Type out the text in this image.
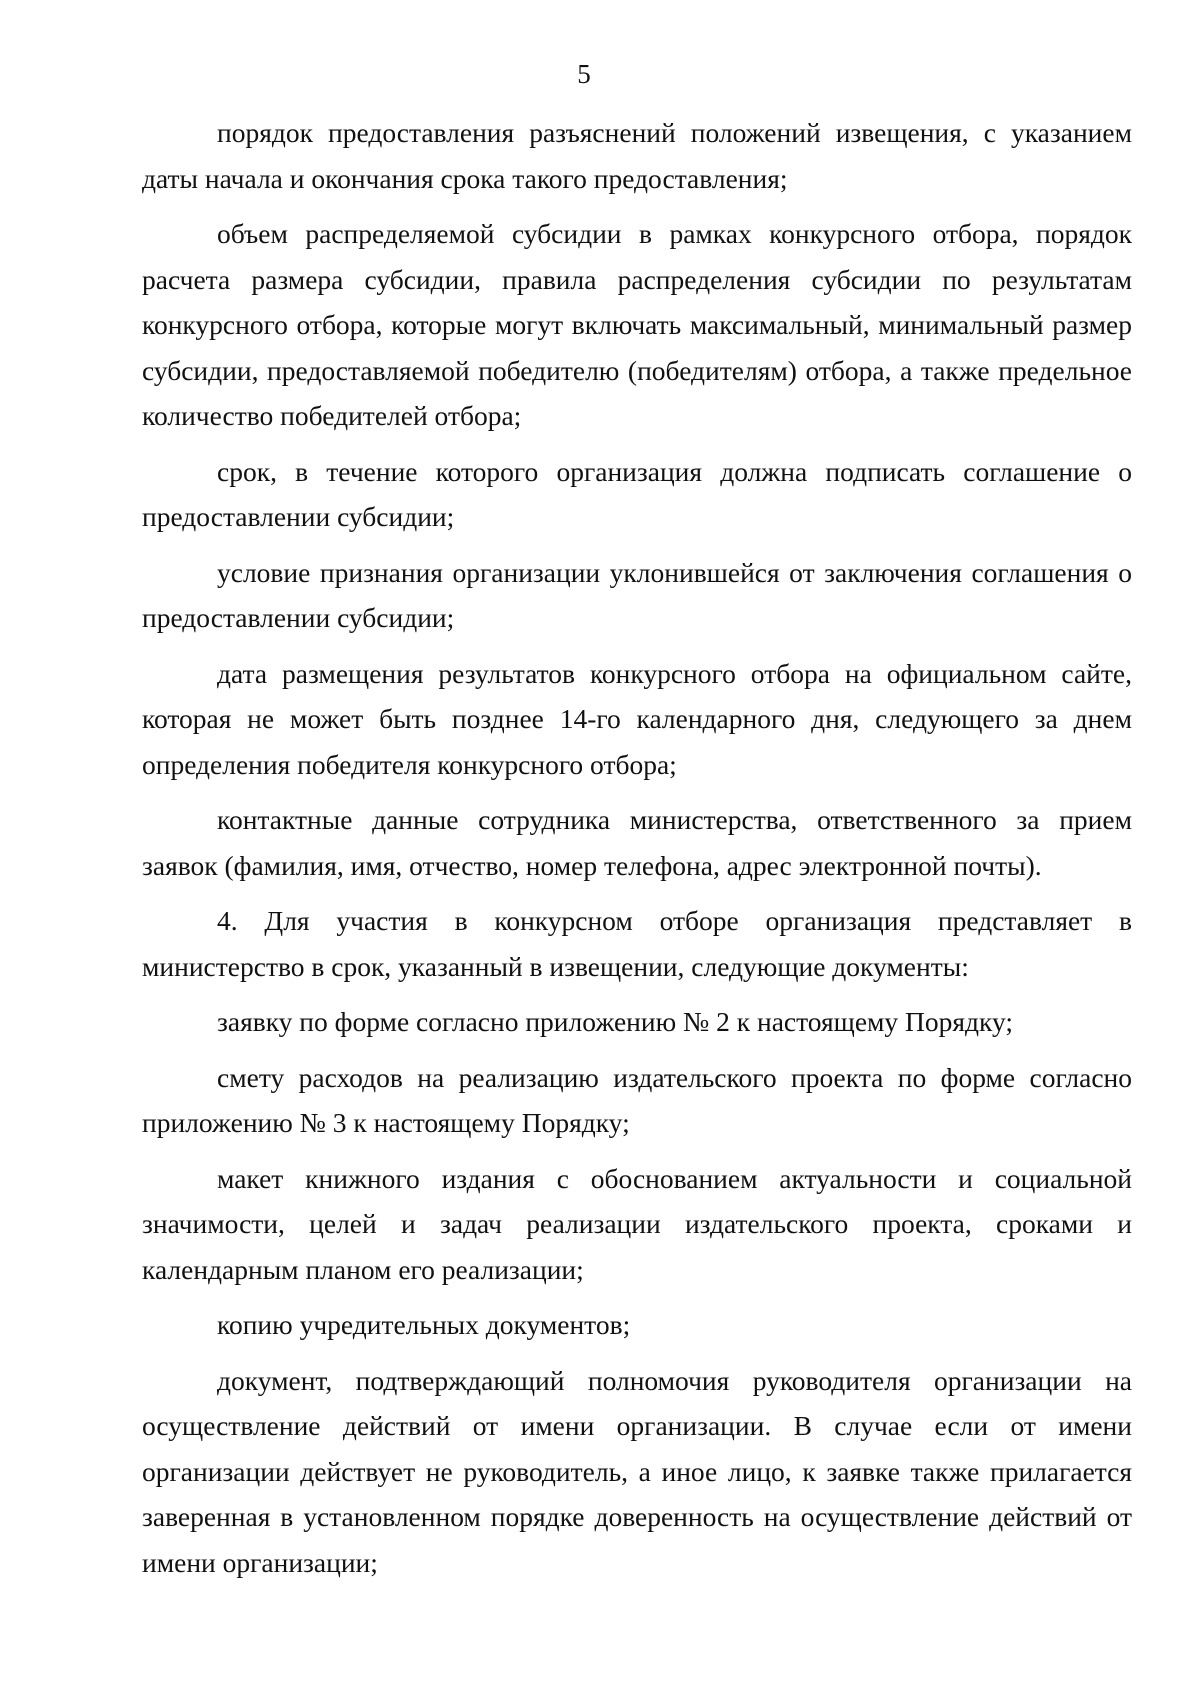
5

порядок предоставления разъяснений положений извещения, с указанием даты начала и окончания срока такого предоставления;

объем распределяемой субсидии в рамках конкурсного отбора, порядок расчета размера субсидии, правила распределения субсидии по результатам конкурсного отбора, которые могут включать максимальный, минимальный размер субсидии, предоставляемой победителю (победителям) отбора, а также предельное количество победителей отбора;

срок, в течение которого организация должна подписать соглашение о предоставлении субсидии;

условие признания организации уклонившейся от заключения соглашения о предоставлении субсидии;

дата размещения результатов конкурсного отбора на официальном сайте, которая не может быть позднее 14-го календарного дня, следующего за днем определения победителя конкурсного отбора;

контактные данные сотрудника министерства, ответственного за прием заявок (фамилия, имя, отчество, номер телефона, адрес электронной почты).

4. Для участия в конкурсном отборе организация представляет в министерство в срок, указанный в извещении, следующие документы:

заявку по форме согласно приложению № 2 к настоящему Порядку;

смету расходов на реализацию издательского проекта по форме согласно приложению № 3 к настоящему Порядку;

макет книжного издания с обоснованием актуальности и социальной значимости, целей и задач реализации издательского проекта, сроками и календарным планом его реализации;

копию учредительных документов;

документ, подтверждающий полномочия руководителя организации на осуществление действий от имени организации. В случае если от имени организации действует не руководитель, а иное лицо, к заявке также прилагается заверенная в установленном порядке доверенность на осуществление действий от имени организации;
